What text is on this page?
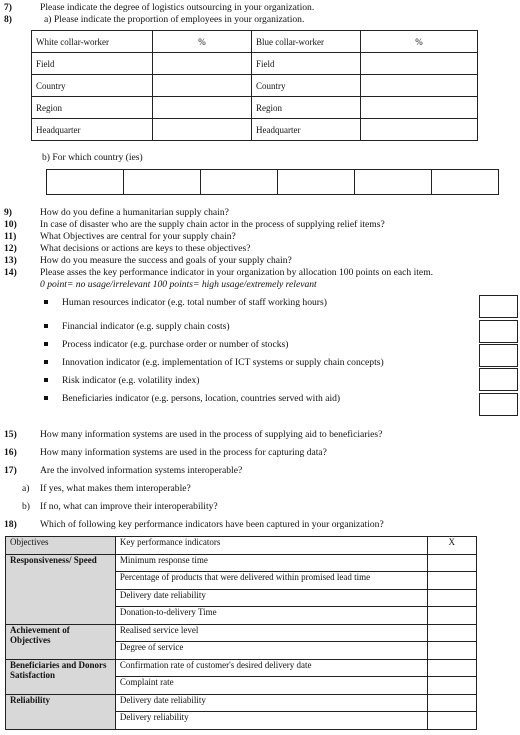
7)	Please indicate the degree of logistics outsourcing in your organization.
8)	a) Please indicate the proportion of employees in your organization.
White collar-worker	%	Blue collar-worker	%
Field		Field	
Country		Country	
Region		Region	
Headquarter		Headquarter	
b) For which country (ies)
9)	How do you define a humanitarian supply chain?
10) In case of disaster who are the supply chain actor in the process of supplying relief items?
11) What Objectives are central for your supply chain?
12) What decisions or actions are keys to these objectives?
13) How do you measure the success and goals of your supply chain?
14) Please asses the key performance indicator in your organization by allocation 100 points on each item.
0 point= no usage/irrelevant 100 points= high usage/extremely relevant
Human resources indicator (e.g. total number of staff working hours)
Financial indicator (e.g. supply chain costs)
Process indicator (e.g. purchase order or number of stocks)
Innovation indicator (e.g. implementation of ICT systems or supply chain concepts)
Risk indicator (e.g. volatility index)
Beneficiaries indicator (e.g. persons, location, countries served with aid)
15) How many information systems are used in the process of supplying aid to beneficiaries?
16) How many information systems are used in the process for capturing data?
17) Are the involved information systems interoperable?
a) If yes, what makes them interoperable?
b) If no, what can improve their interoperability?
18) Which of following key performance indicators have been captured in your organization?
Objectives	Key performance indicators	X
Responsiveness/ Speed	Minimum response time	
	Percentage of products that were delivered within promised lead time	
	Delivery date reliability	
	Donation-to-delivery Time	
Achievement of Objectives	Realised service level	
	Degree of service	
Beneficiaries and Donors Satisfaction	Confirmation rate of customer's desired delivery date	
	Complaint rate	
Reliability	Delivery date reliability	
	Delivery reliability	
